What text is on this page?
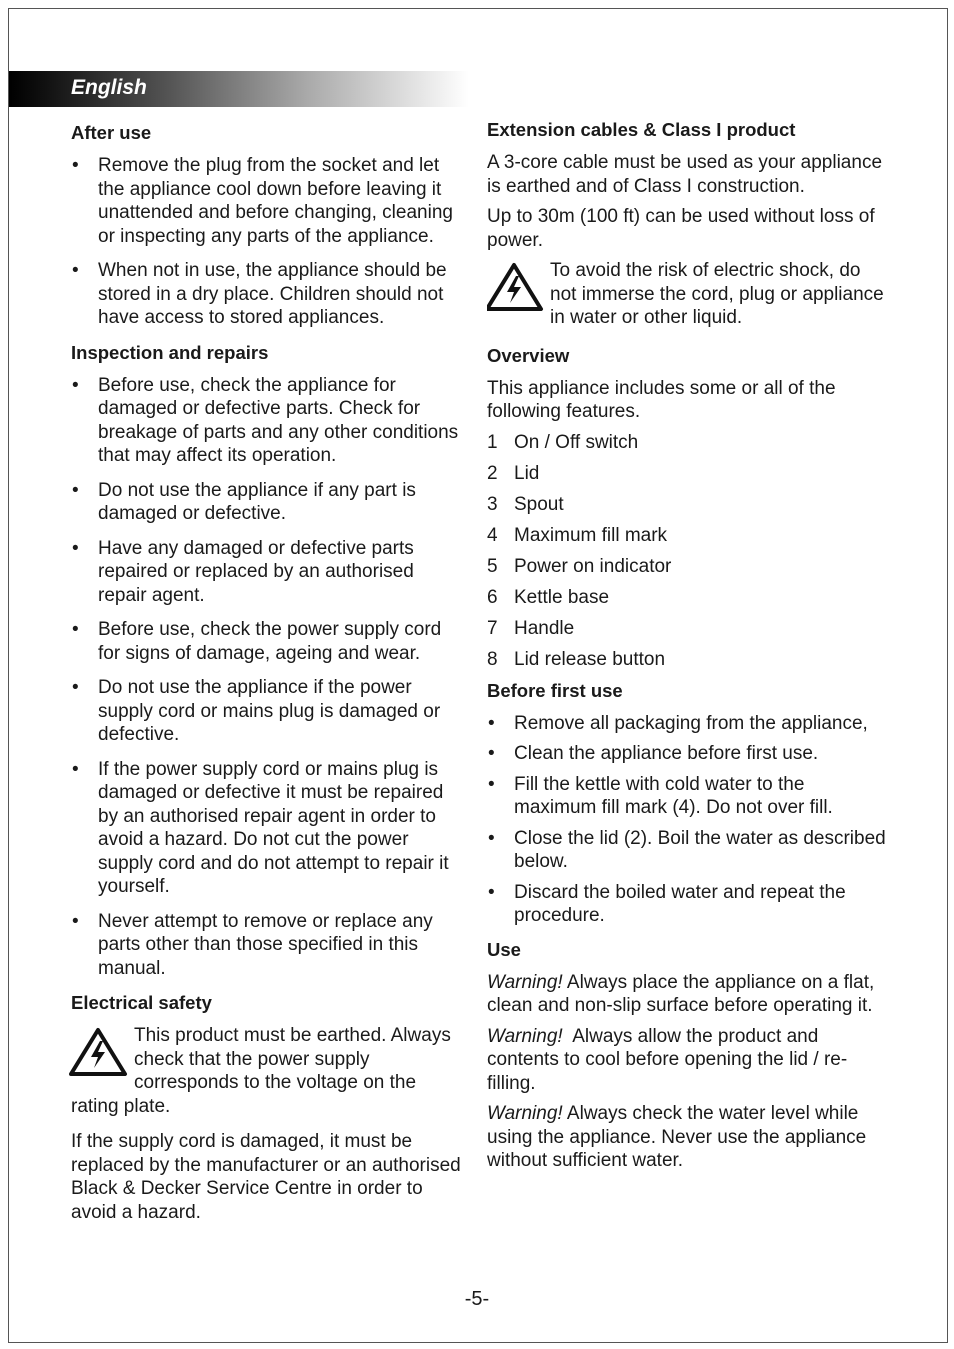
English
After use
• Remove the plug from the socket and let the appliance cool down before leaving it unattended and before changing, cleaning or inspecting any parts of the appliance.
• When not in use, the appliance should be stored in a dry place. Children should not have access to stored appliances.
Inspection and repairs
• Before use, check the appliance for damaged or defective parts. Check for breakage of parts and any other conditions that may affect its operation.
• Do not use the appliance if any part is damaged or defective.
• Have any damaged or defective parts repaired or replaced by an authorised repair agent.
• Before use, check the power supply cord for signs of damage, ageing and wear.
• Do not use the appliance if the power supply cord or mains plug is damaged or defective.
• If the power supply cord or mains plug is damaged or defective it must be repaired by an authorised repair agent in order to avoid a hazard. Do not cut the power supply cord and do not attempt to repair it yourself.
• Never attempt to remove or replace any parts other than those specified in this manual.
Electrical safety

This product must be earthed. Always check that the power supply corresponds to the voltage on the rating plate.

If the supply cord is damaged, it must be replaced by the manufacturer or an authorised Black & Decker Service Centre in order to avoid a hazard.

Extension cables & Class I product

A 3-core cable must be used as your appliance is earthed and of Class I construction.

Up to 30m (100 ft) can be used without loss of power.

To avoid the risk of electric shock, do not immerse the cord, plug or appliance in water or other liquid.

Overview

This appliance includes some or all of the following features.

1 On / Off switch
2 Lid
3 Spout
4 Maximum fill mark
5 Power on indicator
6 Kettle base
7 Handle
8 Lid release button
Before first use
• Remove all packaging from the appliance,
• Clean the appliance before first use.
• Fill the kettle with cold water to the maximum fill mark (4). Do not over fill.
• Close the lid (2). Boil the water as described below.
• Discard the boiled water and repeat the procedure.
Use

Warning! Always place the appliance on a flat, clean and non-slip surface before operating it.

Warning! Always allow the product and contents to cool before opening the lid / re-filling.

Warning! Always check the water level while using the appliance. Never use the appliance without sufficient water.

-5-
